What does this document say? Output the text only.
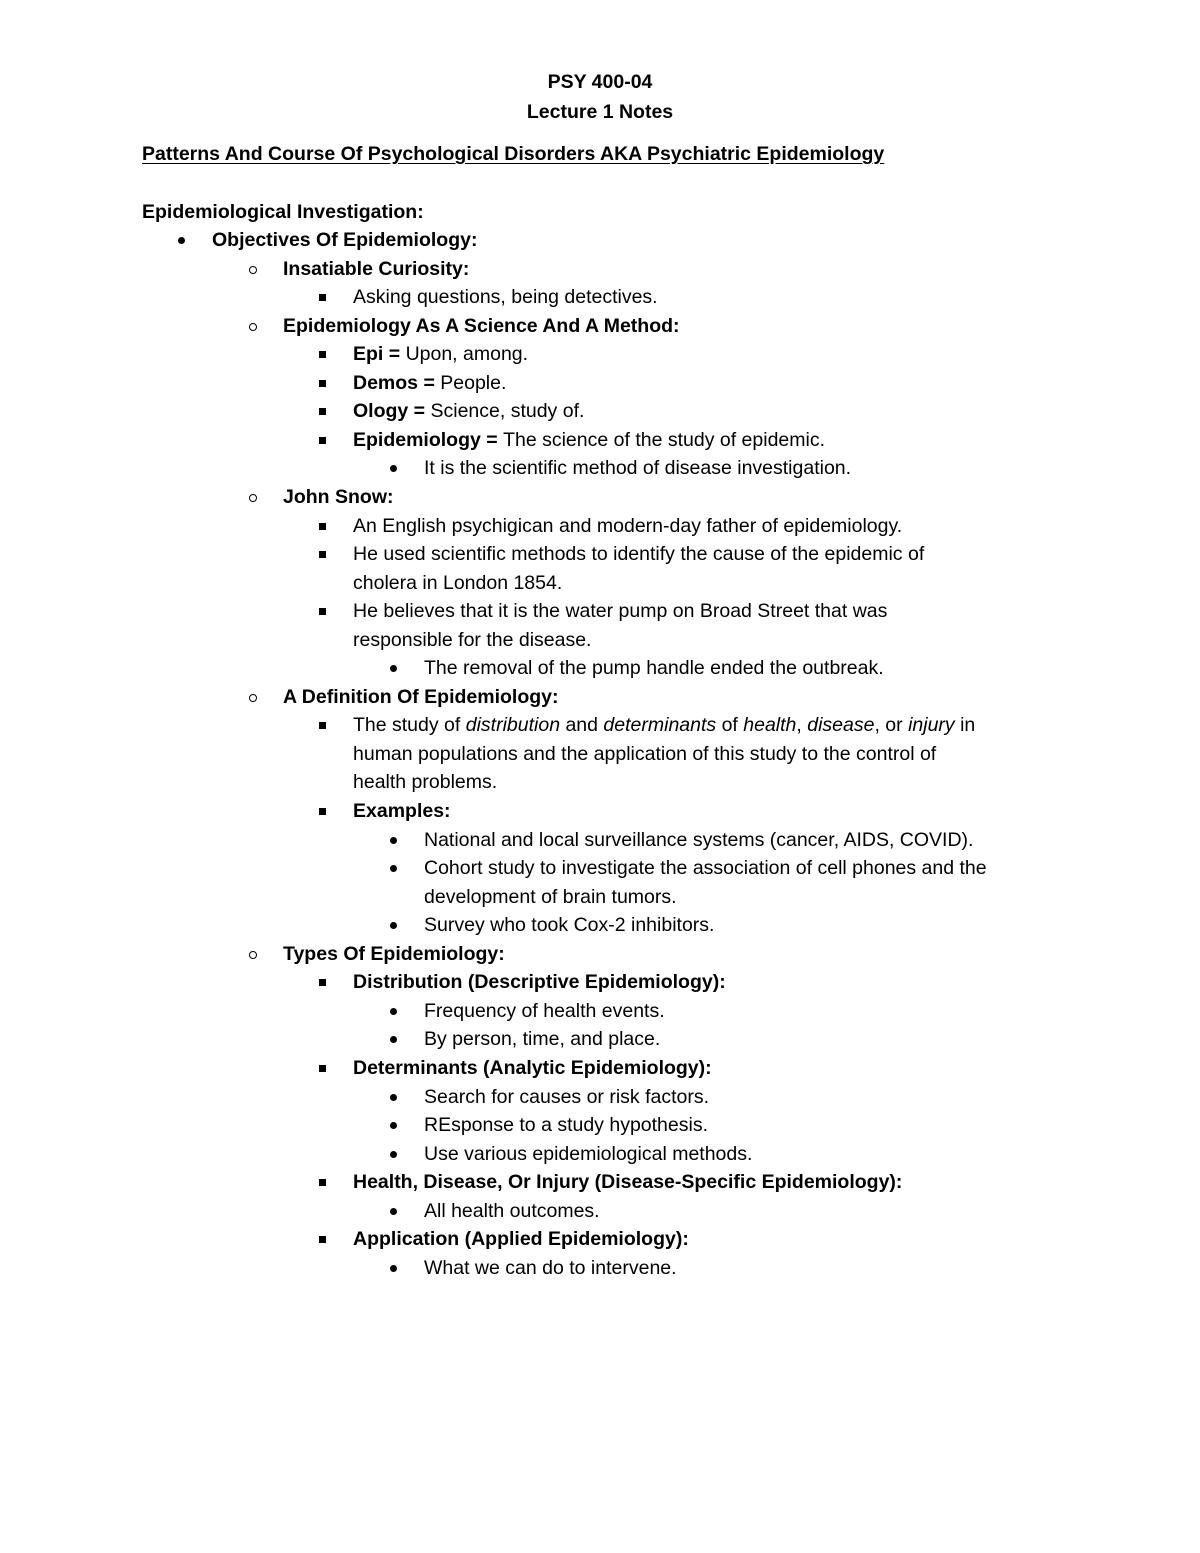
PSY 400-04
Lecture 1 Notes
Patterns And Course Of Psychological Disorders AKA Psychiatric Epidemiology
Epidemiological Investigation:
Objectives Of Epidemiology:
Insatiable Curiosity:
Asking questions, being detectives.
Epidemiology As A Science And A Method:
Epi = Upon, among.
Demos = People.
Ology = Science, study of.
Epidemiology = The science of the study of epidemic.
It is the scientific method of disease investigation.
John Snow:
An English psychigican and modern-day father of epidemiology.
He used scientific methods to identify the cause of the epidemic of
cholera in London 1854.
He believes that it is the water pump on Broad Street that was
responsible for the disease.
The removal of the pump handle ended the outbreak.
A Definition Of Epidemiology:
The study of distribution and determinants of health, disease, or injury in
human populations and the application of this study to the control of
health problems.
Examples:
National and local surveillance systems (cancer, AIDS, COVID).
Cohort study to investigate the association of cell phones and the
development of brain tumors.
Survey who took Cox-2 inhibitors.
Types Of Epidemiology:
Distribution (Descriptive Epidemiology):
Frequency of health events.
By person, time, and place.
Determinants (Analytic Epidemiology):
Search for causes or risk factors.
REsponse to a study hypothesis.
Use various epidemiological methods.
Health, Disease, Or Injury (Disease-Specific Epidemiology):
All health outcomes.
Application (Applied Epidemiology):
What we can do to intervene.
